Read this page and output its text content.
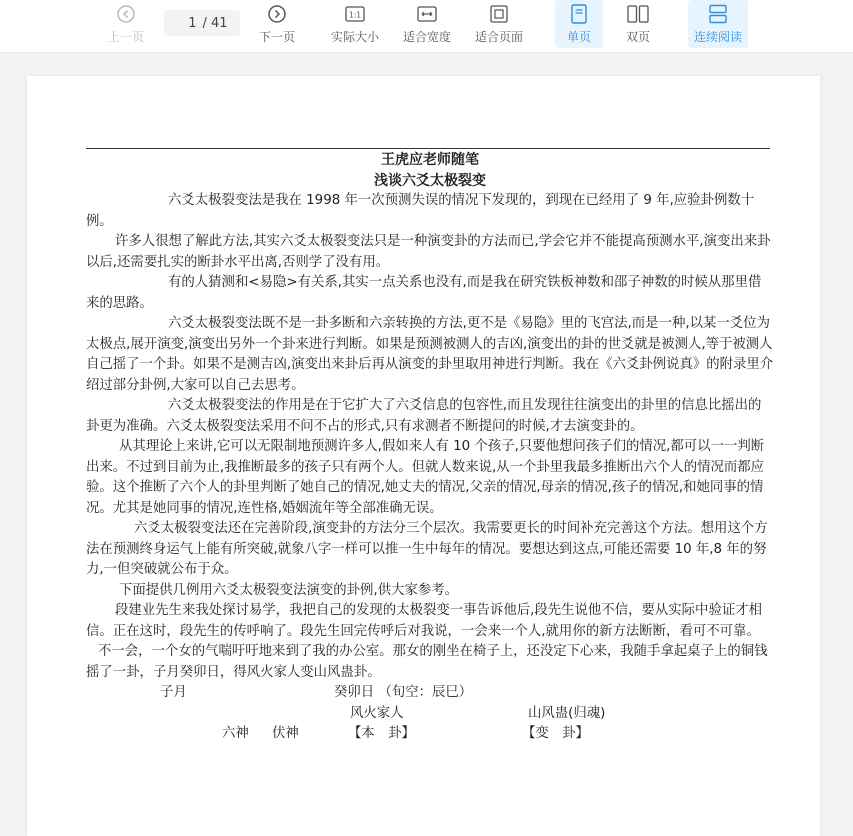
上一页
1
/ 41
下一页
1:1
实际大小 适合宽度 适合页面	单页	双页	连续阅读

王虎应老师随笔

浅谈六爻太极裂变

六爻太极裂变法是我在 1998 年一次预测失误的情况下发现的，到现在已经用了 9 年,应验卦例数十例。

许多人很想了解此方法,其实六爻太极裂变法只是一种演变卦的方法而已,学会它并不能提高预测水平,演变出来卦以后,还需要扎实的断卦水平出离,否则学了没有用。

有的人猜测和<易隐>有关系,其实一点关系也没有,而是我在研究铁板神数和邵子神数的时候从那里借来的思路。

六爻太极裂变法既不是一卦多断和六亲转换的方法,更不是《易隐》里的飞宫法,而是一种,以某一爻位为太极点,展开演变,演变出另外一个卦来进行判断。如果是预测被测人的吉凶,演变出的卦的世爻就是被测人,等于被测人自己摇了一个卦。如果不是测吉凶,演变出来卦后再从演变的卦里取用神进行判断。我在《六爻卦例说真》的附录里介绍过部分卦例,大家可以自己去思考。

六爻太极裂变法的作用是在于它扩大了六爻信息的包容性,而且发现往往演变出的卦里的信息比摇出的卦更为准确。六爻太极裂变法采用不问不占的形式,只有求测者不断提问的时候,才去演变卦的。

从其理论上来讲,它可以无限制地预测许多人,假如来人有 10 个孩子,只要他想问孩子们的情况,都可以一一判断出来。不过到目前为止,我推断最多的孩子只有两个人。但就人数来说,从一个卦里我最多推断出六个人的情况而都应验。这个推断了六个人的卦里判断了她自己的情况,她丈夫的情况,父亲的情况,母亲的情况,孩子的情况,和她同事的情况。尤其是她同事的情况,连性格,婚姻流年等全部准确无误。

六爻太极裂变法还在完善阶段,演变卦的方法分三个层次。我需要更长的时间补充完善这个方法。想用这个方法在预测终身运气上能有所突破,就象八字一样可以推一生中每年的情况。要想达到这点,可能还需要 10 年,8 年的努力,一但突破就公布于众。

下面提供几例用六爻太极裂变法演变的卦例,供大家参考。

段建业先生来我处探讨易学，我把自己的发现的太极裂变一事告诉他后,段先生说他不信，要从实际中验证才相信。正在这时，段先生的传呼响了。段先生回完传呼后对我说，一会来一个人,就用你的新方法断断，看可不可靠。

不一会，一个女的气喘吁吁地来到了我的办公室。那女的刚坐在椅子上，还没定下心来，我随手拿起桌子上的铜钱摇了一卦，子月癸卯日，得风火家人变山风蛊卦。

子月	癸卯日 （旬空：辰巳）
风火家人	山风蛊(归魂)
六神 伏神	【本　卦】	【变　卦】
